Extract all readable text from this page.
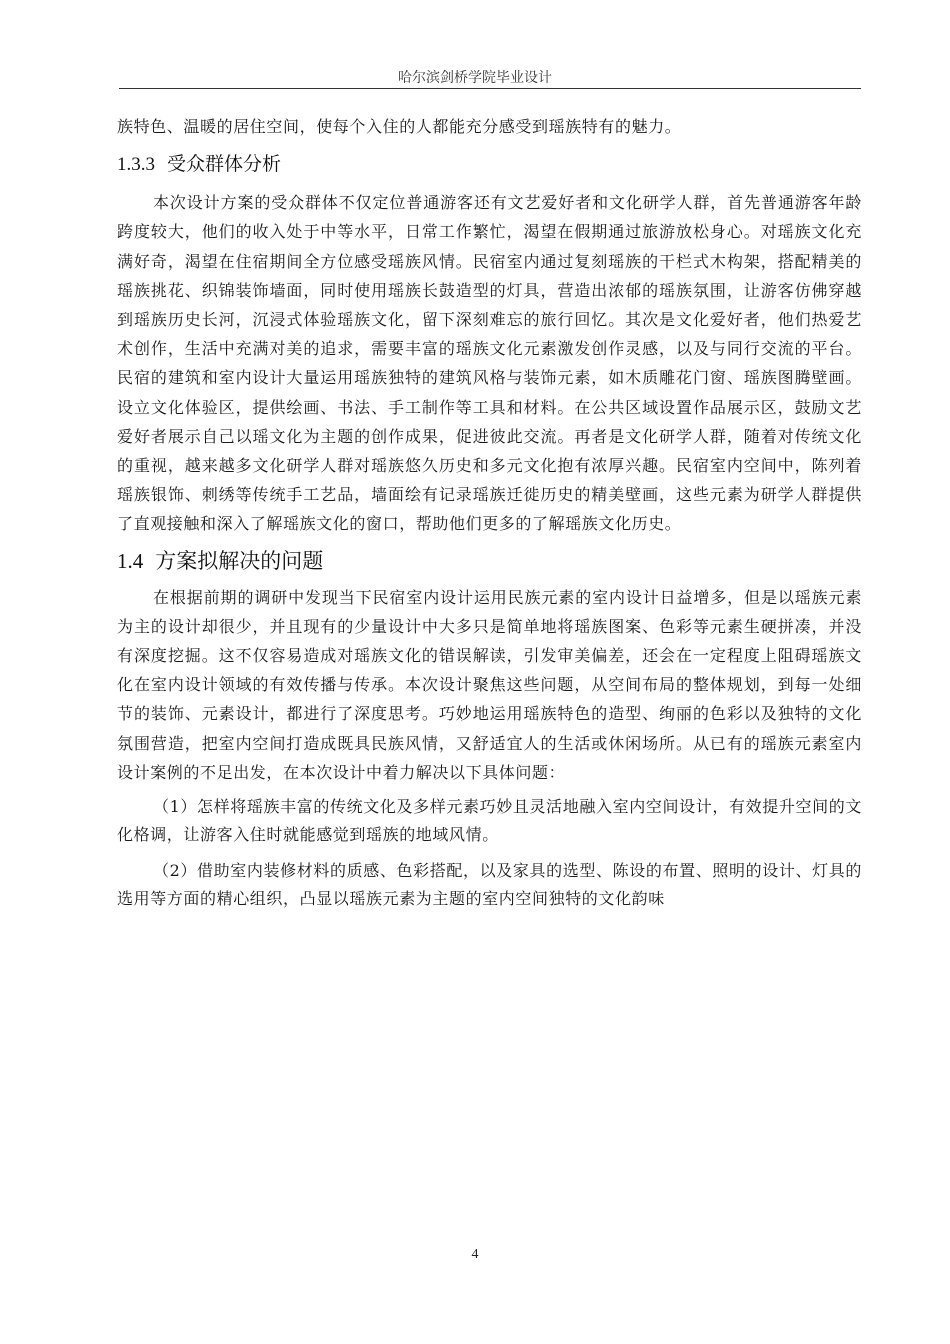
哈尔滨剑桥学院毕业设计

族特色、温暖的居住空间，使每个入住的人都能充分感受到瑶族特有的魅力。

1.3.3 受众群体分析

本次设计方案的受众群体不仅定位普通游客还有文艺爱好者和文化研学人群，首先普通游客年龄跨度较大，他们的收入处于中等水平，日常工作繁忙，渴望在假期通过旅游放松身心。对瑶族文化充满好奇，渴望在住宿期间全方位感受瑶族风情。民宿室内通过复刻瑶族的干栏式木构架，搭配精美的瑶族挑花、织锦装饰墙面，同时使用瑶族长鼓造型的灯具，营造出浓郁的瑶族氛围，让游客仿佛穿越到瑶族历史长河，沉浸式体验瑶族文化，留下深刻难忘的旅行回忆。其次是文化爱好者，他们热爱艺术创作，生活中充满对美的追求，需要丰富的瑶族文化元素激发创作灵感，以及与同行交流的平台。民宿的建筑和室内设计大量运用瑶族独特的建筑风格与装饰元素，如木质雕花门窗、瑶族图腾壁画。设立文化体验区，提供绘画、书法、手工制作等工具和材料。在公共区域设置作品展示区，鼓励文艺爱好者展示自己以瑶文化为主题的创作成果，促进彼此交流。再者是文化研学人群，随着对传统文化的重视，越来越多文化研学人群对瑶族悠久历史和多元文化抱有浓厚兴趣。民宿室内空间中，陈列着瑶族银饰、刺绣等传统手工艺品，墙面绘有记录瑶族迁徙历史的精美壁画，这些元素为研学人群提供了直观接触和深入了解瑶族文化的窗口，帮助他们更多的了解瑶族文化历史。

1.4 方案拟解决的问题

在根据前期的调研中发现当下民宿室内设计运用民族元素的室内设计日益增多，但是以瑶族元素为主的设计却很少，并且现有的少量设计中大多只是简单地将瑶族图案、色彩等元素生硬拼凑，并没有深度挖掘。这不仅容易造成对瑶族文化的错误解读，引发审美偏差，还会在一定程度上阻碍瑶族文化在室内设计领域的有效传播与传承。本次设计聚焦这些问题，从空间布局的整体规划，到每一处细节的装饰、元素设计，都进行了深度思考。巧妙地运用瑶族特色的造型、绚丽的色彩以及独特的文化氛围营造，把室内空间打造成既具民族风情，又舒适宜人的生活或休闲场所。从已有的瑶族元素室内设计案例的不足出发，在本次设计中着力解决以下具体问题：

（1）怎样将瑶族丰富的传统文化及多样元素巧妙且灵活地融入室内空间设计，有效提升空间的文化格调，让游客入住时就能感觉到瑶族的地域风情。

（2）借助室内装修材料的质感、色彩搭配，以及家具的选型、陈设的布置、照明的设计、灯具的选用等方面的精心组织，凸显以瑶族元素为主题的室内空间独特的文化韵味

4
